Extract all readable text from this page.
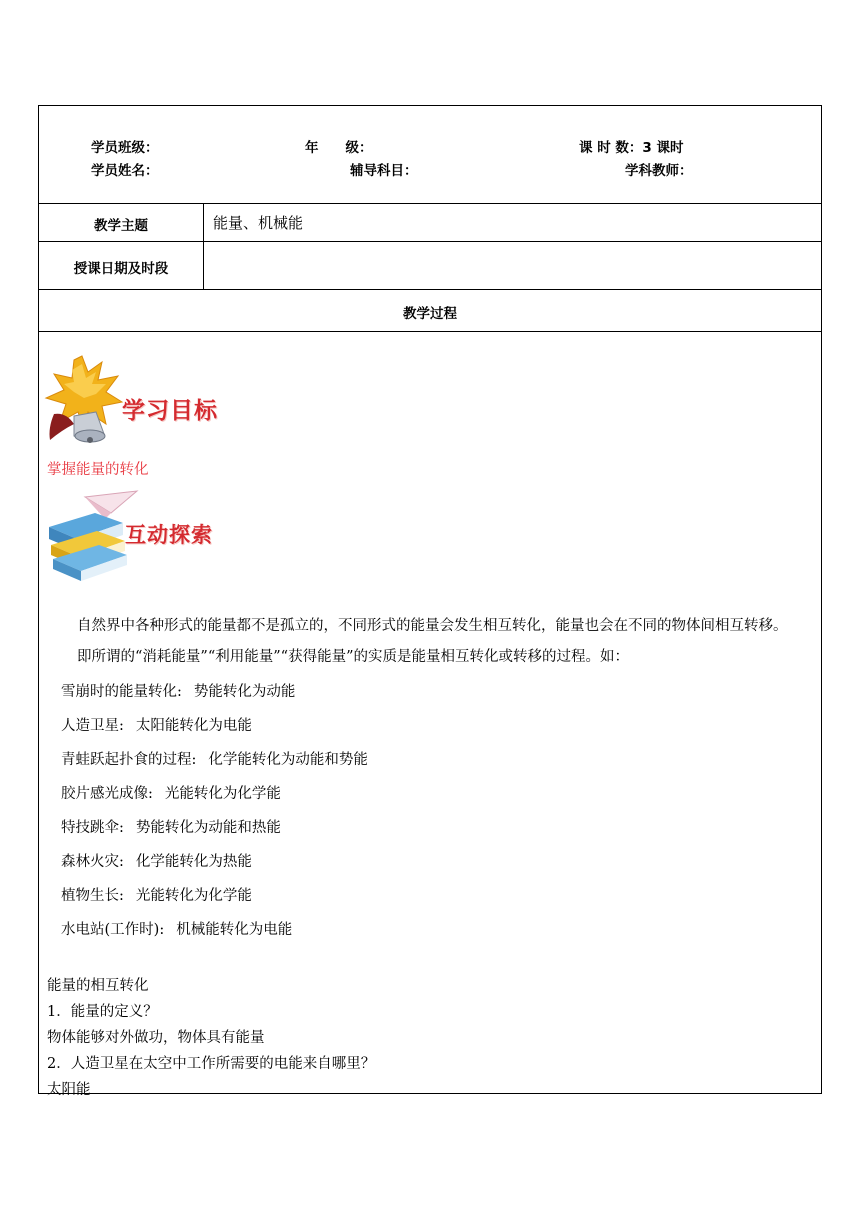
学员班级：	年　　级：	课 时 数：3 课时
学员姓名：	辅导科目：	学科教师：
教学主题	能量、机械能
授课日期及时段
教学过程
学习目标
掌握能量的转化
互动探索
自然界中各种形式的能量都不是孤立的，不同形式的能量会发生相互转化，能量也会在不同的物体间相互转移。
即所谓的“消耗能量”“利用能量”“获得能量”的实质是能量相互转化或转移的过程。如：
雪崩时的能量转化: 势能转化为动能
人造卫星: 太阳能转化为电能
青蛙跃起扑食的过程: 化学能转化为动能和势能
胶片感光成像: 光能转化为化学能
特技跳伞: 势能转化为动能和热能
森林火灾: 化学能转化为热能
植物生长: 光能转化为化学能
水电站(工作时): 机械能转化为电能
能量的相互转化
1．能量的定义？
物体能够对外做功，物体具有能量
2．人造卫星在太空中工作所需要的电能来自哪里？
太阳能
